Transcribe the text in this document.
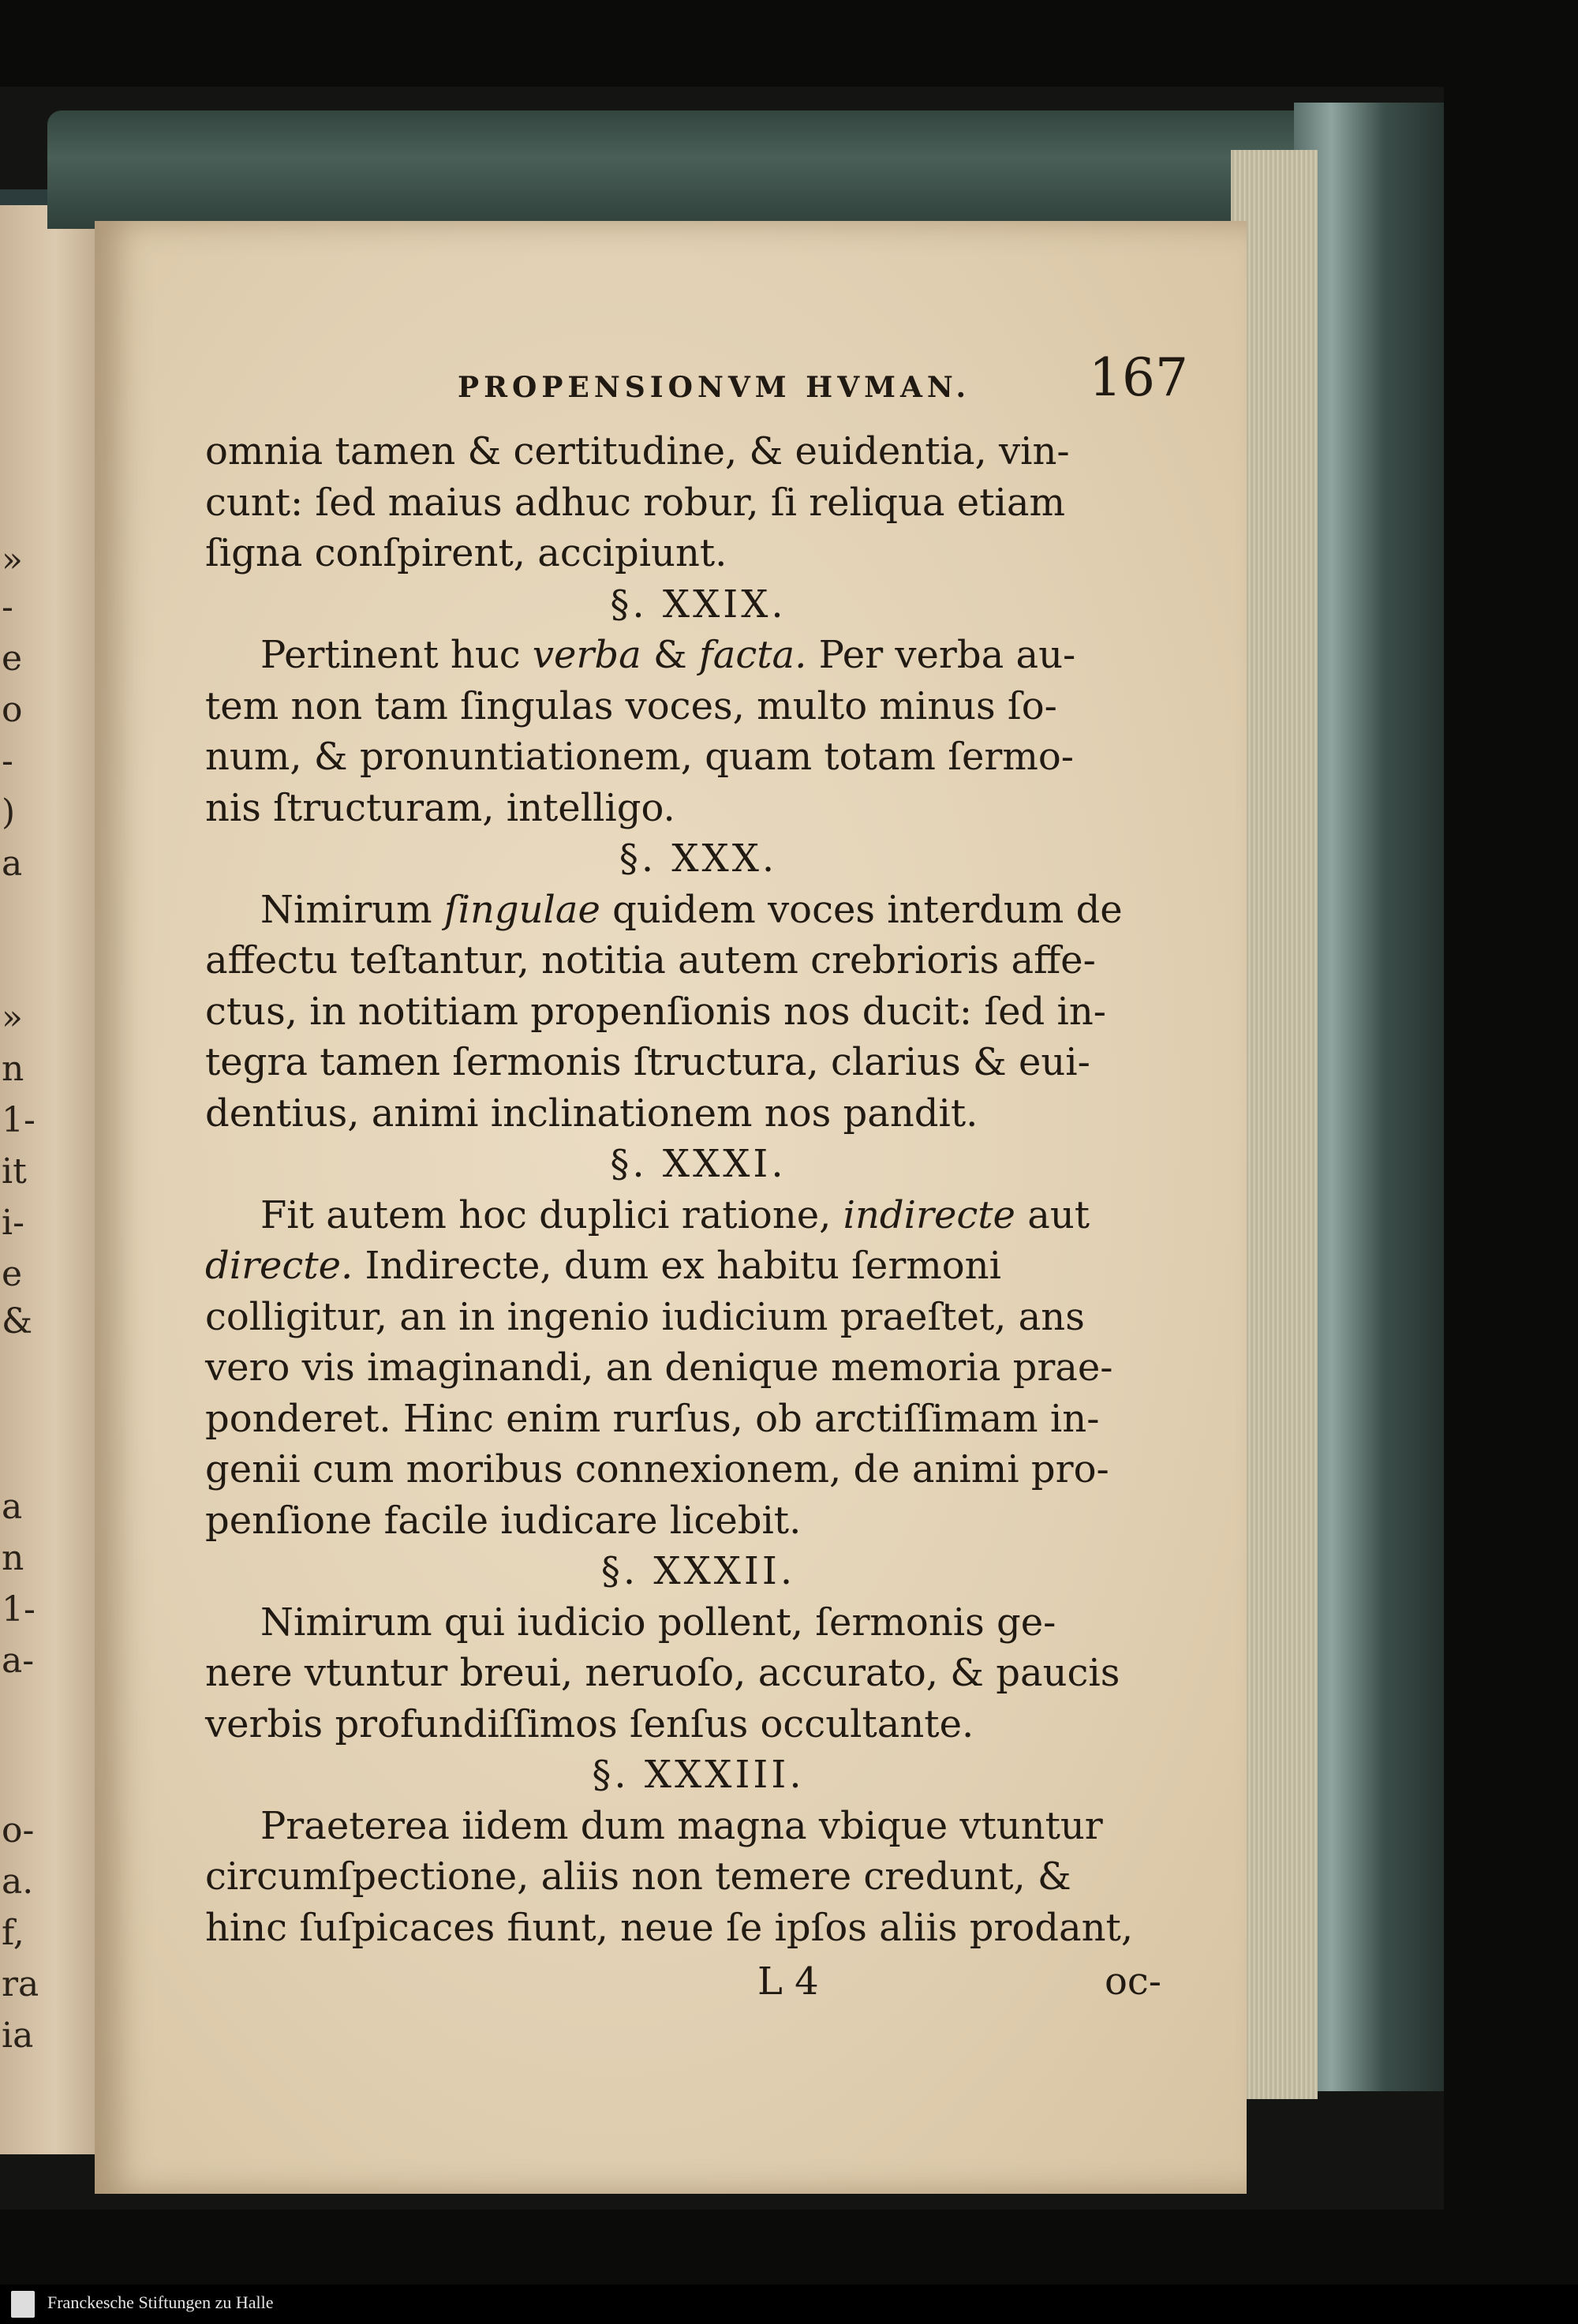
»
-
e
o
-
)
a
»
n
1-
it
i-
e
&
a
n
1-
a-
o-
a.
f,
ra
ia
PROPENSIONVM HVMAN. 167
omnia tamen & certitudine, & euidentia, vin-
cunt: ſed maius adhuc robur, ſi reliqua etiam
ſigna conſpirent, accipiunt.
§. XXIX.
Pertinent huc verba & facta. Per verba au-
tem non tam ſingulas voces, multo minus ſo-
num, & pronuntiationem, quam totam ſermo-
nis ſtructuram, intelligo.
§. XXX.
Nimirum ſingulae quidem voces interdum de
affectu teſtantur, notitia autem crebrioris affe-
ctus, in notitiam propenſionis nos ducit: ſed in-
tegra tamen ſermonis ſtructura, clarius & eui-
dentius, animi inclinationem nos pandit.
§. XXXI.
Fit autem hoc duplici ratione, indirecte aut
directe. Indirecte, dum ex habitu ſermoni
colligitur, an in ingenio iudicium praeſtet, ans
vero vis imaginandi, an denique memoria prae-
ponderet. Hinc enim rurſus, ob arctiſſimam in-
genii cum moribus connexionem, de animi pro-
penſione facile iudicare licebit.
§. XXXII.
Nimirum qui iudicio pollent, ſermonis ge-
nere vtuntur breui, neruoſo, accurato, & paucis
verbis profundiſſimos ſenſus occultante.
§. XXXIII.
Praeterea iidem dum magna vbique vtuntur
circumſpectione, aliis non temere credunt, &
hinc ſuſpicaces fiunt, neue ſe ipſos aliis prodant,
L 4	oc-
Franckesche Stiftungen zu Halle
